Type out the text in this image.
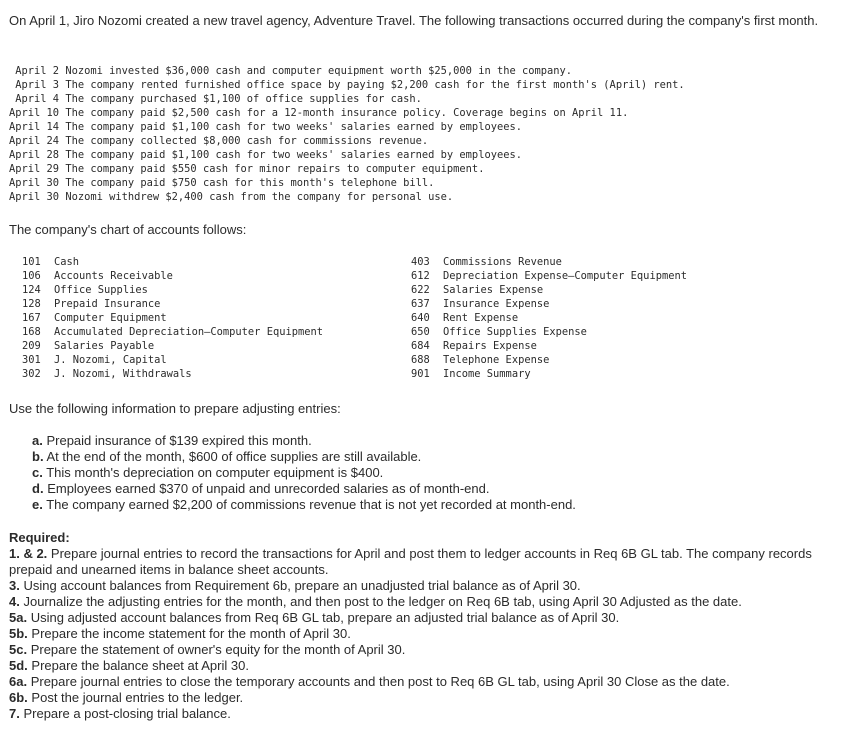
On April 1, Jiro Nozomi created a new travel agency, Adventure Travel. The following transactions occurred during the company's first month.
April 2 Nozomi invested $36,000 cash and computer equipment worth $25,000 in the company.
April 3 The company rented furnished office space by paying $2,200 cash for the first month's (April) rent.
April 4 The company purchased $1,100 of office supplies for cash.
April 10 The company paid $2,500 cash for a 12-month insurance policy. Coverage begins on April 11.
April 14 The company paid $1,100 cash for two weeks' salaries earned by employees.
April 24 The company collected $8,000 cash for commissions revenue.
April 28 The company paid $1,100 cash for two weeks' salaries earned by employees.
April 29 The company paid $550 cash for minor repairs to computer equipment.
April 30 The company paid $750 cash for this month's telephone bill.
April 30 Nozomi withdrew $2,400 cash from the company for personal use.
The company's chart of accounts follows:
101	Cash
106	Accounts Receivable
124	Office Supplies
128	Prepaid Insurance
167	Computer Equipment
168	Accumulated Depreciation—Computer Equipment
209	Salaries Payable
301	J. Nozomi, Capital
302	J. Nozomi, Withdrawals
403	Commissions Revenue
612	Depreciation Expense—Computer Equipment
622	Salaries Expense
637	Insurance Expense
640	Rent Expense
650	Office Supplies Expense
684	Repairs Expense
688	Telephone Expense
901	Income Summary
Use the following information to prepare adjusting entries:
a. Prepaid insurance of $139 expired this month.
b. At the end of the month, $600 of office supplies are still available.
c. This month's depreciation on computer equipment is $400.
d. Employees earned $370 of unpaid and unrecorded salaries as of month-end.
e. The company earned $2,200 of commissions revenue that is not yet recorded at month-end.
Required:
1. & 2. Prepare journal entries to record the transactions for April and post them to ledger accounts in Req 6B GL tab. The company records prepaid and unearned items in balance sheet accounts.
3. Using account balances from Requirement 6b, prepare an unadjusted trial balance as of April 30.
4. Journalize the adjusting entries for the month, and then post to the ledger on Req 6B tab, using April 30 Adjusted as the date.
5a. Using adjusted account balances from Req 6B GL tab, prepare an adjusted trial balance as of April 30.
5b. Prepare the income statement for the month of April 30.
5c. Prepare the statement of owner's equity for the month of April 30.
5d. Prepare the balance sheet at April 30.
6a. Prepare journal entries to close the temporary accounts and then post to Req 6B GL tab, using April 30 Close as the date.
6b. Post the journal entries to the ledger.
7. Prepare a post-closing trial balance.
